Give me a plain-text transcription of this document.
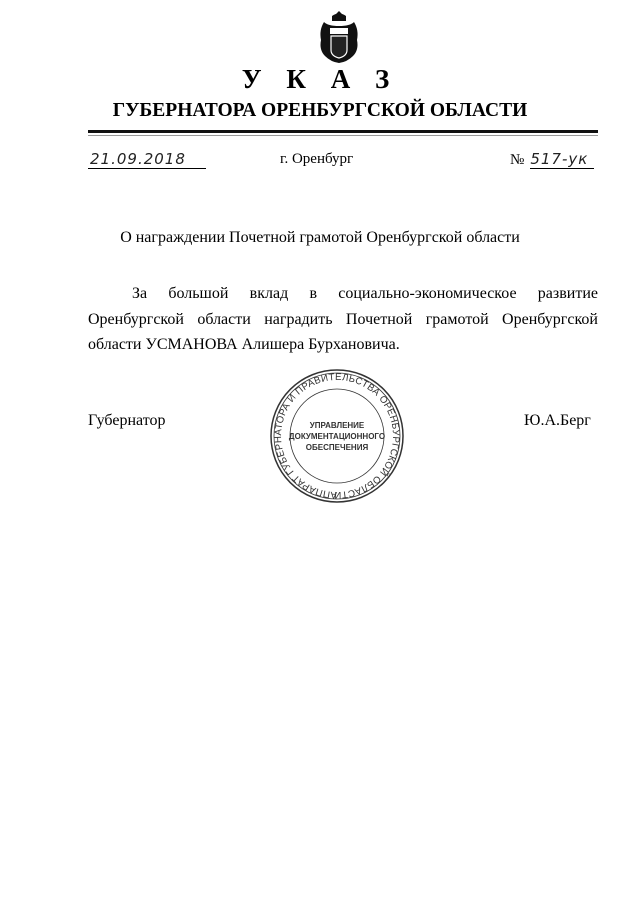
У К А З
ГУБЕРНАТОРА ОРЕНБУРГСКОЙ ОБЛАСТИ
21.09.2018	г. Оренбург	№ 517-ук
О награждении Почетной грамотой Оренбургской области
За большой вклад в социально-экономическое развитие Оренбургской области наградить Почетной грамотой Оренбургской области УСМАНОВА Алишера Бурхановича.
Губернатор	Ю.А.Берг
АППАРАТ ГУБЕРНАТОРА И ПРАВИТЕЛЬСТВА ОРЕНБУРГСКОЙ ОБЛАСТИ
УПРАВЛЕНИЕ
ДОКУМЕНТАЦИОННОГО
ОБЕСПЕЧЕНИЯ
